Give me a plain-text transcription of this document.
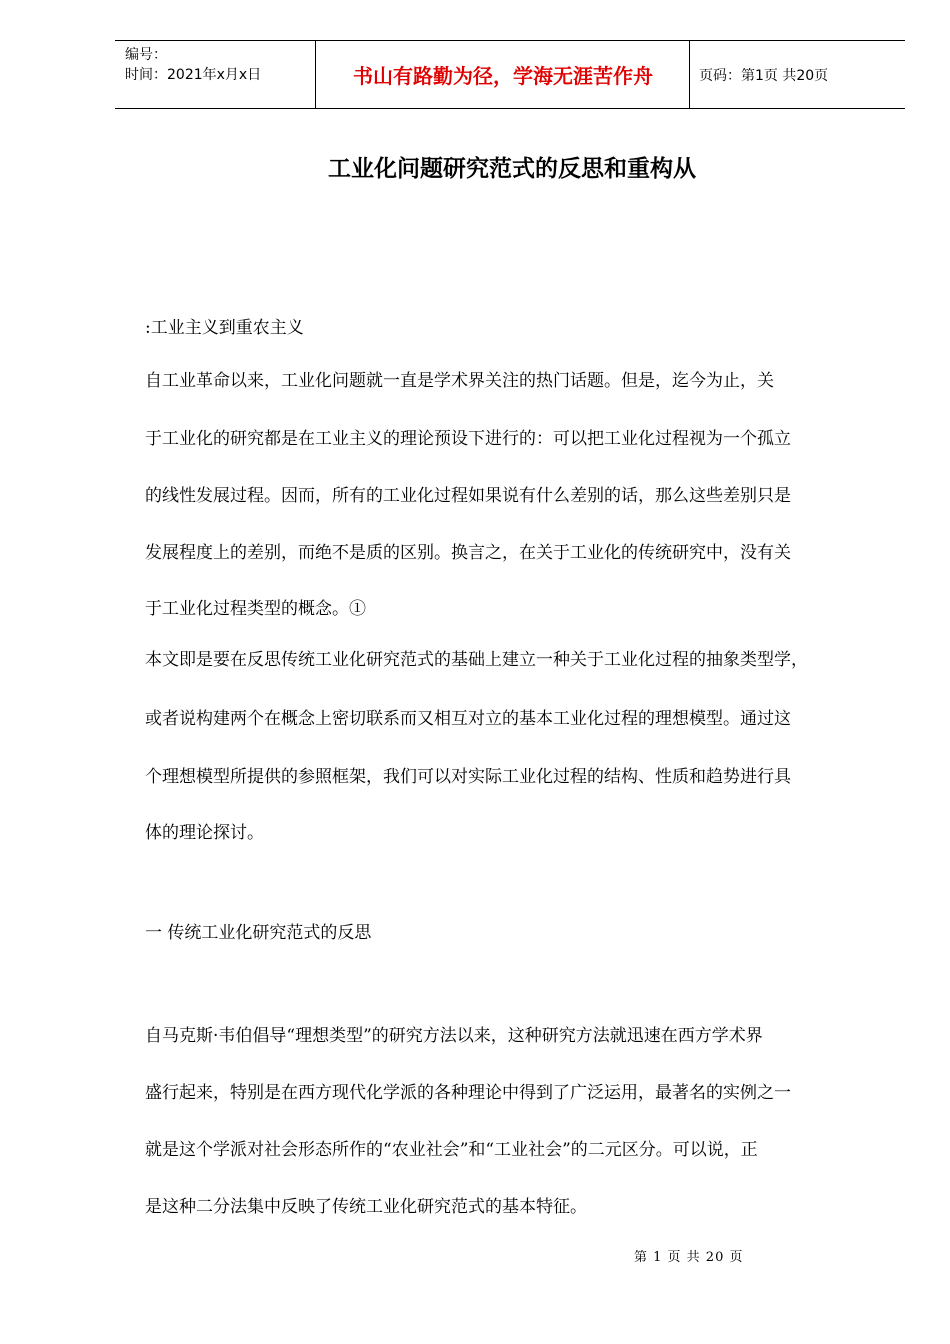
编号：
时间：2021年x月x日	书山有路勤为径，学海无涯苦作舟	页码：第1页 共20页
工业化问题研究范式的反思和重构从
:工业主义到重农主义
自工业革命以来，工业化问题就一直是学术界关注的热门话题。但是，迄今为止，关
于工业化的研究都是在工业主义的理论预设下进行的：可以把工业化过程视为一个孤立
的线性发展过程。因而，所有的工业化过程如果说有什么差别的话，那么这些差别只是
发展程度上的差别，而绝不是质的区别。换言之，在关于工业化的传统研究中，没有关
于工业化过程类型的概念。①
本文即是要在反思传统工业化研究范式的基础上建立一种关于工业化过程的抽象类型学，
或者说构建两个在概念上密切联系而又相互对立的基本工业化过程的理想模型。通过这
个理想模型所提供的参照框架，我们可以对实际工业化过程的结构、性质和趋势进行具
体的理论探讨。
一 传统工业化研究范式的反思
自马克斯·韦伯倡导“理想类型”的研究方法以来，这种研究方法就迅速在西方学术界
盛行起来，特别是在西方现代化学派的各种理论中得到了广泛运用，最著名的实例之一
就是这个学派对社会形态所作的“农业社会”和“工业社会”的二元区分。可以说，正
是这种二分法集中反映了传统工业化研究范式的基本特征。
第 1 页 共 20 页
